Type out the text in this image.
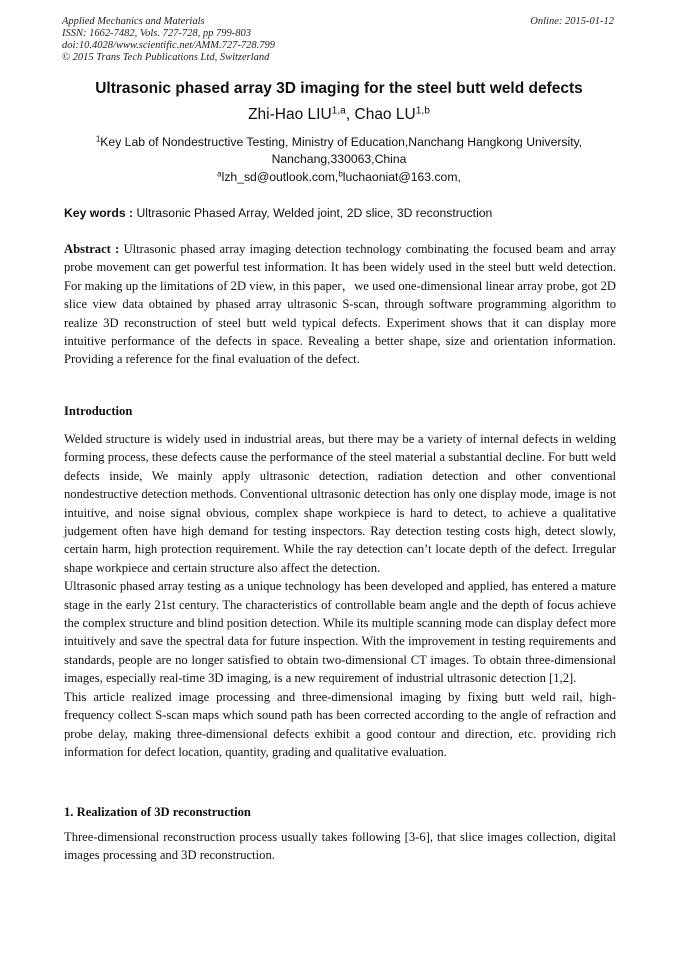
Applied Mechanics and Materials
ISSN: 1662-7482, Vols. 727-728, pp 799-803
doi:10.4028/www.scientific.net/AMM.727-728.799
© 2015 Trans Tech Publications Ltd, Switzerland
Online: 2015-01-12
Ultrasonic phased array 3D imaging for the steel butt weld defects
Zhi-Hao LIU$^{1,a}$, Chao LU$^{1,b}$
$^1$Key Lab of Nondestructive Testing, Ministry of Education,Nanchang Hangkong University, Nanchang,330063,China
$^a$lzh_sd@outlook.com,$^b$luchaoniat@163.com,
Key words : Ultrasonic Phased Array, Welded joint, 2D slice, 3D reconstruction

Abstract : Ultrasonic phased array imaging detection technology combinating the focused beam and array probe movement can get powerful test information. It has been widely used in the steel butt weld detection. For making up the limitations of 2D view, in this paper，we used one-dimensional linear array probe, got 2D slice view data obtained by phased array ultrasonic S-scan, through software programming algorithm to realize 3D reconstruction of steel butt weld typical defects. Experiment shows that it can display more intuitive performance of the defects in space. Revealing a better shape, size and orientation information. Providing a reference for the final evaluation of the defect.

Introduction

Welded structure is widely used in industrial areas, but there may be a variety of internal defects in welding forming process, these defects cause the performance of the steel material a substantial decline. For butt weld defects inside, We mainly apply ultrasonic detection, radiation detection and other conventional nondestructive detection methods. Conventional ultrasonic detection has only one display mode, image is not intuitive, and noise signal obvious, complex shape workpiece is hard to detect, to achieve a qualitative judgement often have high demand for testing inspectors. Ray detection testing costs high, detect slowly, certain harm, high protection requirement. While the ray detection can’t locate depth of the defect. Irregular shape workpiece and certain structure also affect the detection.

Ultrasonic phased array testing as a unique technology has been developed and applied, has entered a mature stage in the early 21st century. The characteristics of controllable beam angle and the depth of focus achieve the complex structure and blind position detection. While its multiple scanning mode can display defect more intuitively and save the spectral data for future inspection. With the improvement in testing requirements and standards, people are no longer satisfied to obtain two-dimensional CT images. To obtain three-dimensional images, especially real-time 3D imaging, is a new requirement of industrial ultrasonic detection [1,2].

This article realized image processing and three-dimensional imaging by fixing butt weld rail, high-frequency collect S-scan maps which sound path has been corrected according to the angle of refraction and probe delay, making three-dimensional defects exhibit a good contour and direction, etc. providing rich information for defect location, quantity, grading and qualitative evaluation.

1. Realization of 3D reconstruction

Three-dimensional reconstruction process usually takes following [3-6], that slice images collection, digital images processing and 3D reconstruction.
